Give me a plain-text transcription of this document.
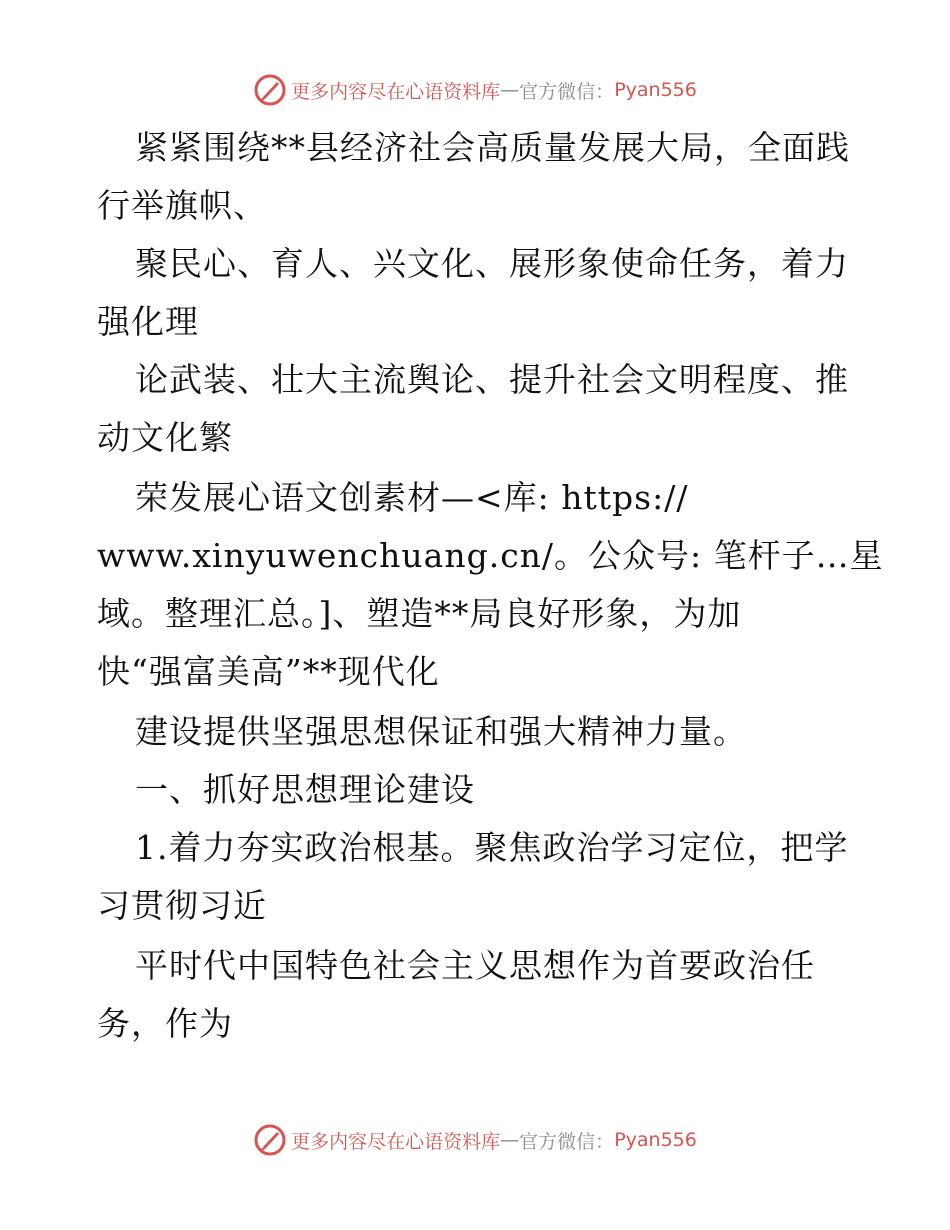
更多内容尽在心语资料库 — 官方微信： Pyan556
紧紧围绕**县经济社会高质量发展大局，全面践
行举旗帜、
聚民心、育人、兴文化、展形象使命任务，着力
强化理
论武装、壮大主流舆论、提升社会文明程度、推
动文化繁
荣发展心语文创素材—<库: https://
www.xinyuwenchuang.cn/。公众号: 笔杆子…星
域。整理汇总。]、塑造**局良好形象，为加
快“强富美高”**现代化
建设提供坚强思想保证和强大精神力量。
一、抓好思想理论建设
1.着力夯实政治根基。聚焦政治学习定位，把学
习贯彻习近
平时代中国特色社会主义思想作为首要政治任
务，作为
更多内容尽在心语资料库 — 官方微信： Pyan556
